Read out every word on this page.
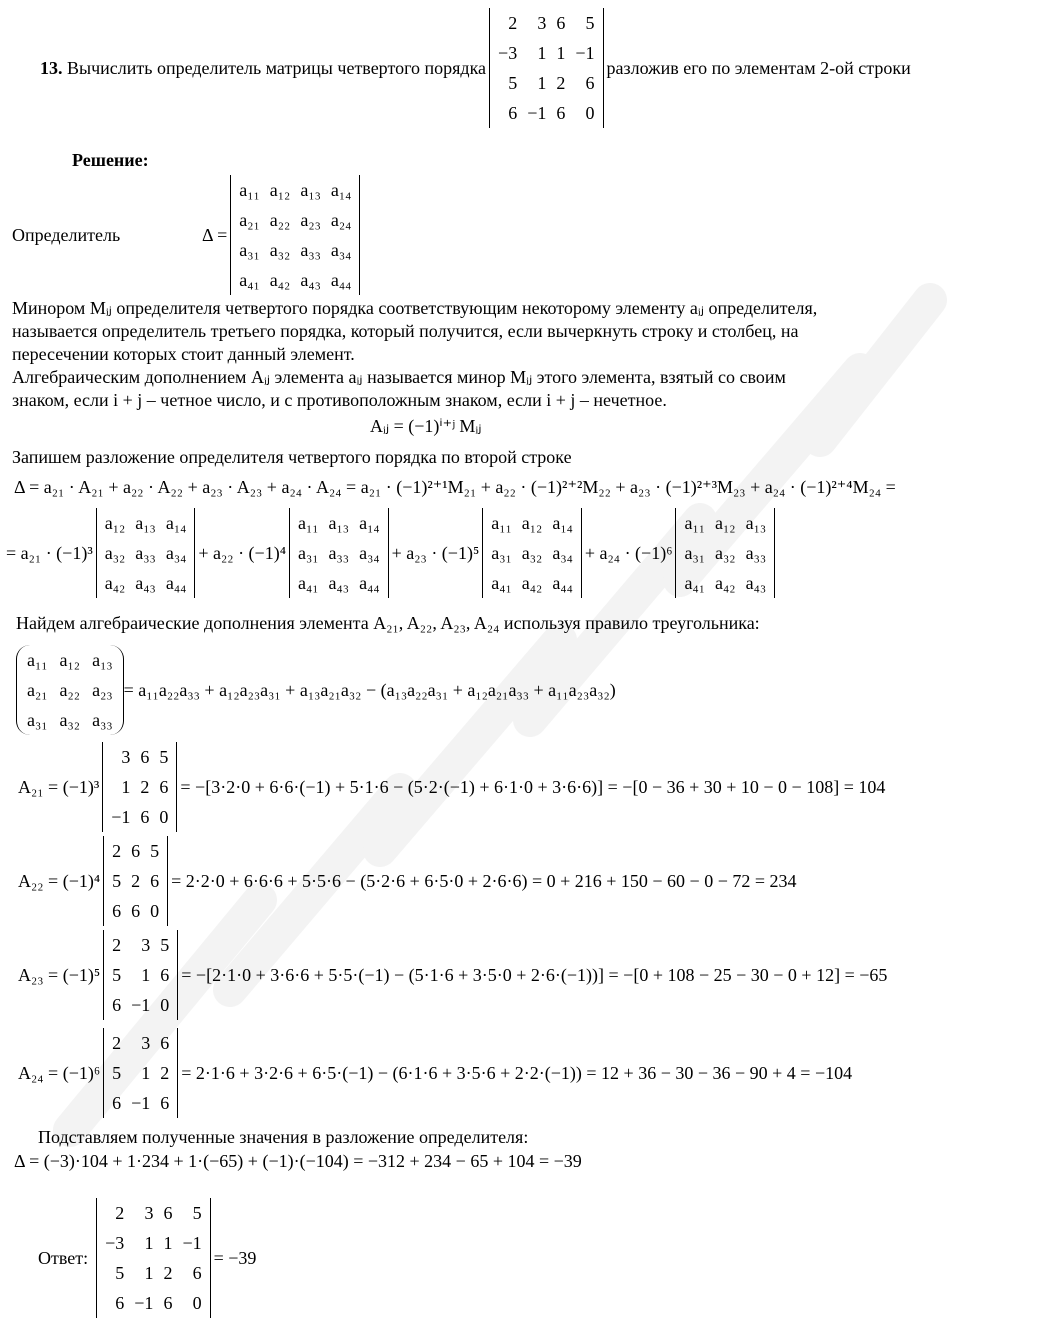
13.
Вычислить определитель матрицы четвертого порядка
2	3 6	5
−3	1 1 −1
5	1 2	6
6 −1 6	0
разложив его по элементам 2-ой строки
Решение:
Определитель	Δ =
a₁₁ a₁₂ a₁₃ a₁₄
a₂₁ a₂₂ a₂₃ a₂₄
a₃₁ a₃₂ a₃₃ a₃₄
a₄₁ a₄₂ a₄₃ a₄₄
Минором Mᵢⱼ определителя четвертого порядка соответствующим некоторому элементу aᵢⱼ определителя,
называется определитель третьего порядка, который получится, если вычеркнуть строку и столбец, на
пересечении которых стоит данный элемент.
Алгебраическим дополнением Aᵢⱼ элемента aᵢⱼ называется минор Mᵢⱼ этого элемента, взятый со своим
знаком, если i + j – четное число, и с противоположным знаком, если i + j – нечетное.
Aᵢⱼ = (−1)ⁱ⁺ʲ Mᵢⱼ
Запишем разложение определителя четвертого порядка по второй строке
Δ = a₂₁ · A₂₁ + a₂₂ · A₂₂ + a₂₃ · A₂₃ + a₂₄ · A₂₄ = a₂₁ · (−1)²⁺¹M₂₁ + a₂₂ · (−1)²⁺²M₂₂ + a₂₃ · (−1)²⁺³M₂₃ + a₂₄ · (−1)²⁺⁴M₂₄ =
= a₂₁ · (−1)³
a₁₂ a₁₃ a₁₄
a₃₂ a₃₃ a₃₄
a₄₂ a₄₃ a₄₄
+ a₂₂ · (−1)⁴
a₁₁ a₁₃ a₁₄
a₃₁ a₃₃ a₃₄
a₄₁ a₄₃ a₄₄
+ a₂₃ · (−1)⁵
a₁₁ a₁₂ a₁₄
a₃₁ a₃₂ a₃₄
a₄₁ a₄₂ a₄₄
+ a₂₄ · (−1)⁶
a₁₁ a₁₂ a₁₃
a₃₁ a₃₂ a₃₃
a₄₁ a₄₂ a₄₃
Найдем алгебраические дополнения элемента A₂₁, A₂₂, A₂₃, A₂₄ используя правило треугольника:
a₁₁ a₁₂ a₁₃
a₂₁ a₂₂ a₂₃
a₃₁ a₃₂ a₃₃
= a₁₁a₂₂a₃₃ + a₁₂a₂₃a₃₁ + a₁₃a₂₁a₃₂ − (a₁₃a₂₂a₃₁ + a₁₂a₂₁a₃₃ + a₁₁a₂₃a₃₂)
A₂₁ = (−1)³
3 6 5
1 2 6
−1 6 0
= −[3·2·0 + 6·6·(−1) + 5·1·6 − (5·2·(−1) + 6·1·0 + 3·6·6)] = −[0 − 36 + 30 + 10 − 0 − 108] = 104
A₂₂ = (−1)⁴
2 6 5
5 2 6
6 6 0
= 2·2·0 + 6·6·6 + 5·5·6 − (5·2·6 + 6·5·0 + 2·6·6) = 0 + 216 + 150 − 60 − 0 − 72 = 234
A₂₃ = (−1)⁵
2	3 5
5	1 6
6 −1 0
= −[2·1·0 + 3·6·6 + 5·5·(−1) − (5·1·6 + 3·5·0 + 2·6·(−1))] = −[0 + 108 − 25 − 30 − 0 + 12] = −65
A₂₄ = (−1)⁶
2	3 6
5	1 2
6 −1 6
= 2·1·6 + 3·2·6 + 6·5·(−1) − (6·1·6 + 3·5·6 + 2·2·(−1)) = 12 + 36 − 30 − 36 − 90 + 4 = −104
Подставляем полученные значения в разложение определителя:
Δ = (−3)·104 + 1·234 + 1·(−65) + (−1)·(−104) = −312 + 234 − 65 + 104 = −39
Ответ:
2	3 6	5
−3	1 1 −1
5	1 2	6
6 −1 6	0
= −39
